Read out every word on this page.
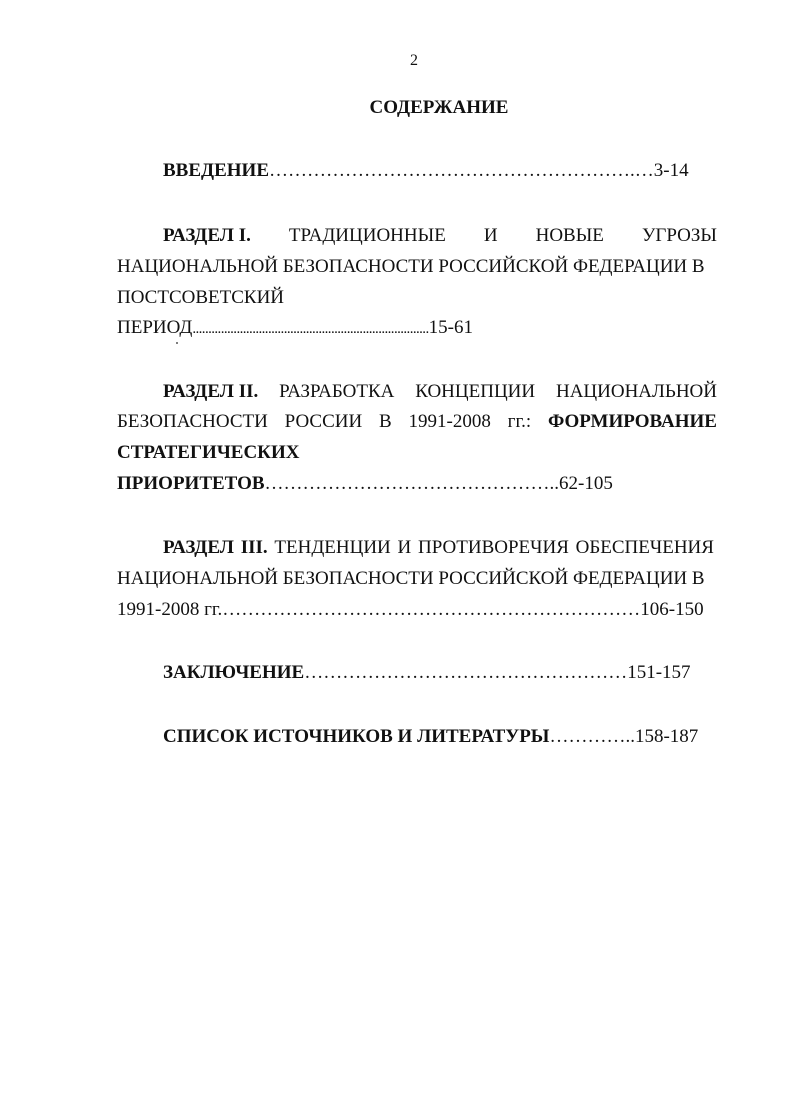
2
СОДЕРЖАНИЕ
ВВЕДЕНИЕ………………………………………………….…3-14
РАЗДЕЛ I. ТРАДИЦИОННЫЕ И НОВЫЕ УГРОЗЫ
НАЦИОНАЛЬНОЙ БЕЗОПАСНОСТИ РОССИЙСКОЙ ФЕДЕРАЦИИ В
ПОСТСОВЕТСКИЙ
ПЕРИОД...........................................................................15-61
РАЗДЕЛ II. РАЗРАБОТКА КОНЦЕПЦИИ НАЦИОНАЛЬНОЙ
БЕЗОПАСНОСТИ РОССИИ В 1991-2008 гг.: ФОРМИРОВАНИЕ
СТРАТЕГИЧЕСКИХ
ПРИОРИТЕТОВ………………………………………..62-105
РАЗДЕЛ III. ТЕНДЕНЦИИ И ПРОТИВОРЕЧИЯ ОБЕСПЕЧЕНИЯ
НАЦИОНАЛЬНОЙ БЕЗОПАСНОСТИ РОССИЙСКОЙ ФЕДЕРАЦИИ В
1991-2008 гг.…………………………………………………………106-150
ЗАКЛЮЧЕНИЕ……………………………………………151-157
СПИСОК ИСТОЧНИКОВ И ЛИТЕРАТУРЫ…………..158-187
